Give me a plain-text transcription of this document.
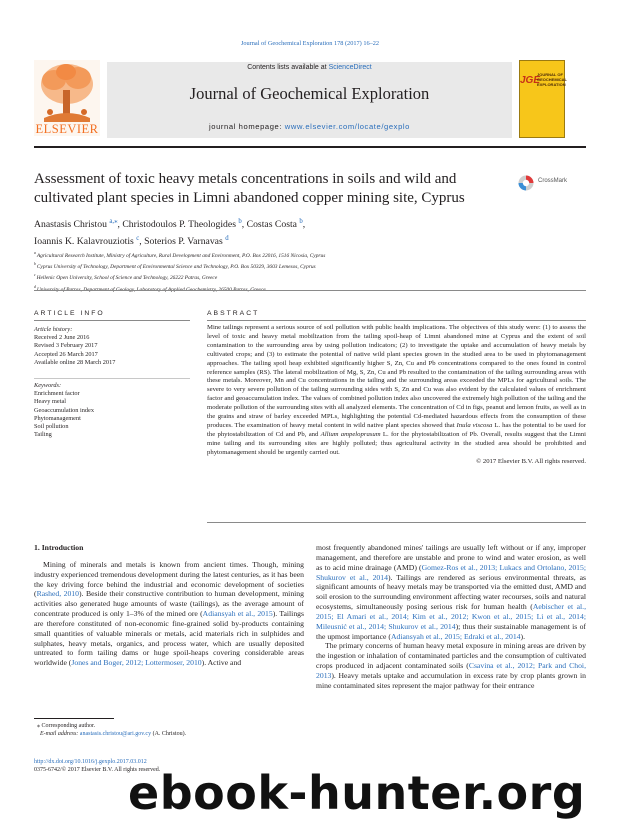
Journal of Geochemical Exploration 178 (2017) 16–22
Contents lists available at ScienceDirect
Journal of Geochemical Exploration
journal homepage: www.elsevier.com/locate/gexplo
ELSEVIER
JGE
JOURNAL OF GEOCHEMICAL EXPLORATION
Assessment of toxic heavy metals concentrations in soils and wild and
cultivated plant species in Limni abandoned copper mining site, Cyprus
CrossMark
Anastasis Christou $^{a,⁎}$, Christodoulos P. Theologides $^b$, Costas Costa $^b$,
Ioannis K. Kalavrouziotis $^c$, Soterios P. Varnavas $^d$
$^a$ Agricultural Research Institute, Ministry of Agriculture, Rural Development and Environment, P.O. Box 22016, 1516 Nicosia, Cyprus
$^b$ Cyprus University of Technology, Department of Environmental Science and Technology, P.O. Box 50329, 3603 Lemesos, Cyprus
$^c$ Hellenic Open University, School of Science and Technology, 26222 Patras, Greece
$^d$
ARTICLE INFO	ABSTRACT
Article history:
Received 2 June 2016
Revised 3 February 2017
Accepted 26 March 2017
Available online 28 March 2017
Keywords:
Enrichment factor
Heavy metal
Geoaccumulation index
Phytomanagement
Soil pollution
Tailing
Mine tailings represent a serious source of soil pollution with public health implications. The objectives of this study were: (1) to assess the level of toxic and heavy metal mobilization from the tailing spoil-heap of Limni abandoned mine at Cyprus and the extent of soil contamination to the surrounding area by using pollution indicators; (2) to investigate the uptake and accumulation of heavy metals by cultivated crops; and (3) to estimate the potential of native wild plant species grown in the studied area to be used in phytomanagement approaches. The tailing spoil heap exhibited significantly higher S, Zn, Cu and Pb concentrations compared to the ones found in control reference samples (RS). The lateral mobilization of Mg, S, Zn, Cu and Pb resulted to the contamination of the tailing surrounding areas with these metals. Moreover, Mn and Cu concentrations in the tailing and the surrounding areas exceeded the MPLs for agricultural soils. The severe to very severe pollution of the tailing surrounding sides with S, Zn and Cu was also evident by the calculated values of enrichment factor and geoaccumulation index. The values of combined pollution index also uncovered the extremely high pollution of the tailing and the moderate pollution of the surrounding sites with all analyzed elements. The concentration of Cd in figs, peanut and lemon fruits, as well as in the grains and straw of barley exceeded MPLs, highlighting the potential Cd-mediated hazardous effects from the consumption of these produces. The examination of heavy metal content in wild native plant species showed that Inula viscosa L. has the potential to be used for the phytostabilization of Cd and Pb, and Allium ampeloprasum L. for the phytostabilization of Pb. Overall, results suggest that the Limni mine tailing and its surrounding sites are highly polluted; thus agricultural activity in the studied area should be prohibited and phytomanagement should be urgently carried out.
© 2017 Elsevier B.V. All rights reserved.
1. Introduction
Mining of minerals and metals is known from ancient times. Though, mining industry experienced tremendous development during the latest centuries, as it has been the key driving force behind the industrial and economic development of societies (Rashed, 2010). Beside their constructive contribution to human development, mining activities also generated huge amounts of waste (tailings), as the average amount of concentrate produced is only 1–3% of the mined ore (Adiansyah et al., 2015). Tailings are therefore constituted of non-economic fine-grained solid by-products containing small quantities of valuable minerals or metals, acid materials rich in sulphides and sulphates, heavy metals, organics, and process water, which are usually deposited untreated to form tailing dams or huge spoil-heaps covering considerable areas worldwide (Jones and Boger, 2012; Lottermoser, 2010). Active and
most frequently abandoned mines' tailings are usually left without or if any, improper management, and therefore are unstable and prone to wind and water erosion, as well as to acid mine drainage (AMD) (Gomez-Ros et al., 2013; Lukacs and Ortolano, 2015; Shukurov et al., 2014). Tailings are rendered as serious environmental threats, as significant amounts of heavy metals may be transported via the emitted dust, AMD and soil erosion to the surrounding environment affecting water recourses, soils and natural ecosystems, simultaneously posing serious risk for human health (Aebischer et al., 2015; El Amari et al., 2014; Kim et al., 2012; Kwon et al., 2015; Li et al., 2014; Mileusnić et al., 2014; Shukurov et al., 2014); thus their sustainable management is of the upmost importance (Adiansyah et al., 2015; Edraki et al., 2014).
The primary concerns of human heavy metal exposure in mining areas are driven by the ingestion or inhalation of contaminated particles and the consumption of cultivated crops produced in adjacent contaminated soils (Csavina et al., 2012; Park and Choi, 2013). Heavy metals uptake and accumulation in excess rate by crop plants grown in mine contaminated sites represent the major pathway for their entrance
⁎ Corresponding author.
E-mail address: anastasis.christou@ari.gov.cy (A. Christou).
http://dx.doi.org/10.1016/j.gexplo.2017.03.012
0375-6742/© 2017 Elsevier B.V. All rights reserved.
ebook-hunter.org
